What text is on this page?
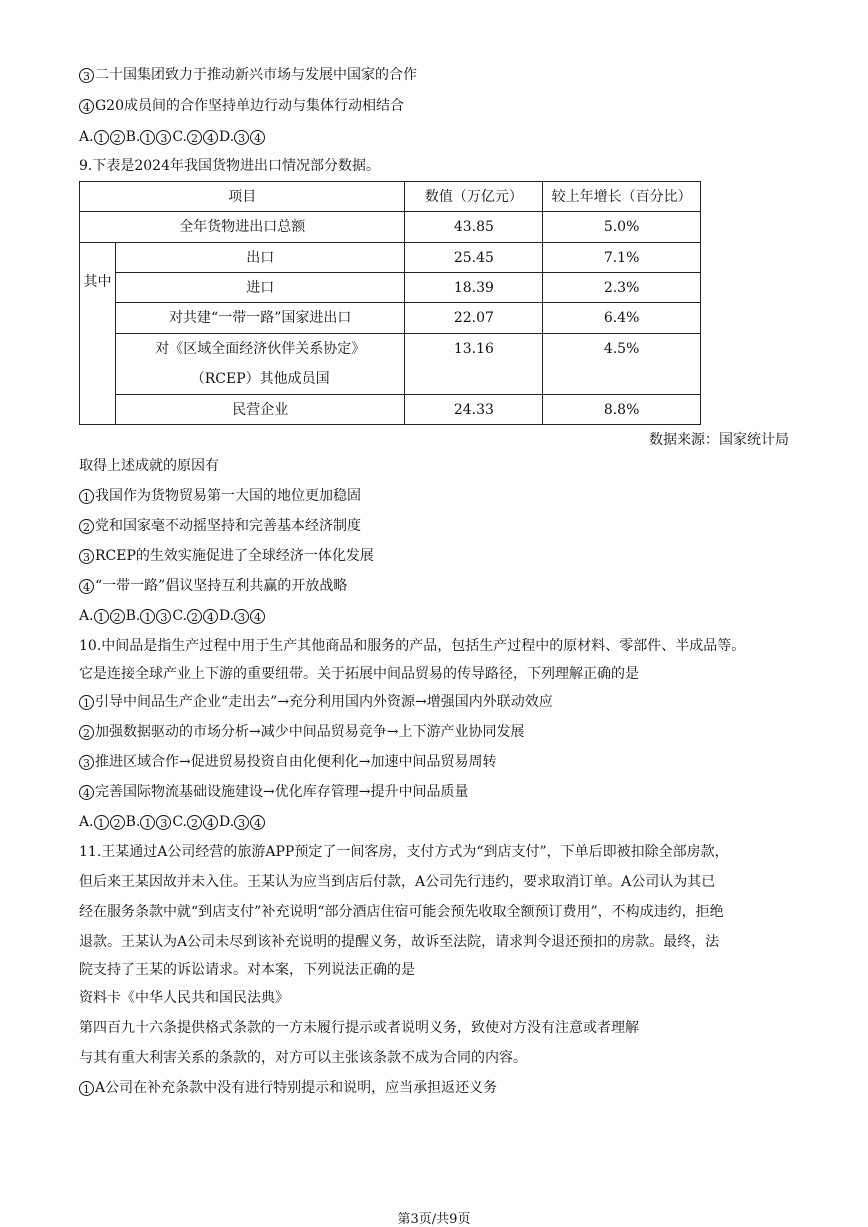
3 二十国集团致力于推动新兴市场与发展中国家的合作
4 G20成员间的合作坚持单边行动与集体行动相结合
A. 1 2 B. 1 3 C. 2 4 D. 3 4
9.下表是2024年我国货物进出口情况部分数据。
项目		数值（万亿元）	较上年增长（百分比）
全年货物进出口总额		43.85	5.0%
其中	出口	25.45	7.1%
	进口	18.39	2.3%
	对共建“一带一路”国家进出口	22.07	6.4%

	对《区域全面经济伙伴关系协定》
（RCEP）其他成员国	13.16	4.5%
	民营企业	24.33	8.8%
数据来源：国家统计局
取得上述成就的原因有
1 我国作为货物贸易第一大国的地位更加稳固
2 党和国家毫不动摇坚持和完善基本经济制度
3 RCEP的生效实施促进了全球经济一体化发展
4 “一带一路”倡议坚持互利共赢的开放战略
A. 1 2 B. 1 3 C. 2 4 D. 3 4
10.中间品是指生产过程中用于生产其他商品和服务的产品，包括生产过程中的原材料、零部件、半成品等。
它是连接全球产业上下游的重要纽带。关于拓展中间品贸易的传导路径，下列理解正确的是
1 引导中间品生产企业“走出去”→充分利用国内外资源→增强国内外联动效应
2 加强数据驱动的市场分析→减少中间品贸易竞争→上下游产业协同发展
3 推进区域合作→促进贸易投资自由化便利化→加速中间品贸易周转
4 完善国际物流基础设施建设→优化库存管理→提升中间品质量
A. 1 2 B. 1 3 C. 2 4 D. 3 4
11.王某通过A公司经营的旅游APP预定了一间客房，支付方式为“到店支付”，下单后即被扣除全部房款，
但后来王某因故并未入住。王某认为应当到店后付款，A公司先行违约，要求取消订单。A公司认为其已
经在服务条款中就“到店支付”补充说明“部分酒店住宿可能会预先收取全额预订费用”，不构成违约，拒绝
退款。王某认为A公司未尽到该补充说明的提醒义务，故诉至法院，请求判令退还预扣的房款。最终，法
院支持了王某的诉讼请求。对本案，下列说法正确的是
资料卡《中华人民共和国民法典》
第四百九十六条提供格式条款的一方未履行提示或者说明义务，致使对方没有注意或者理解
与其有重大利害关系的条款的，对方可以主张该条款不成为合同的内容。
1 A公司在补充条款中没有进行特别提示和说明，应当承担返还义务
第3页/共9页
